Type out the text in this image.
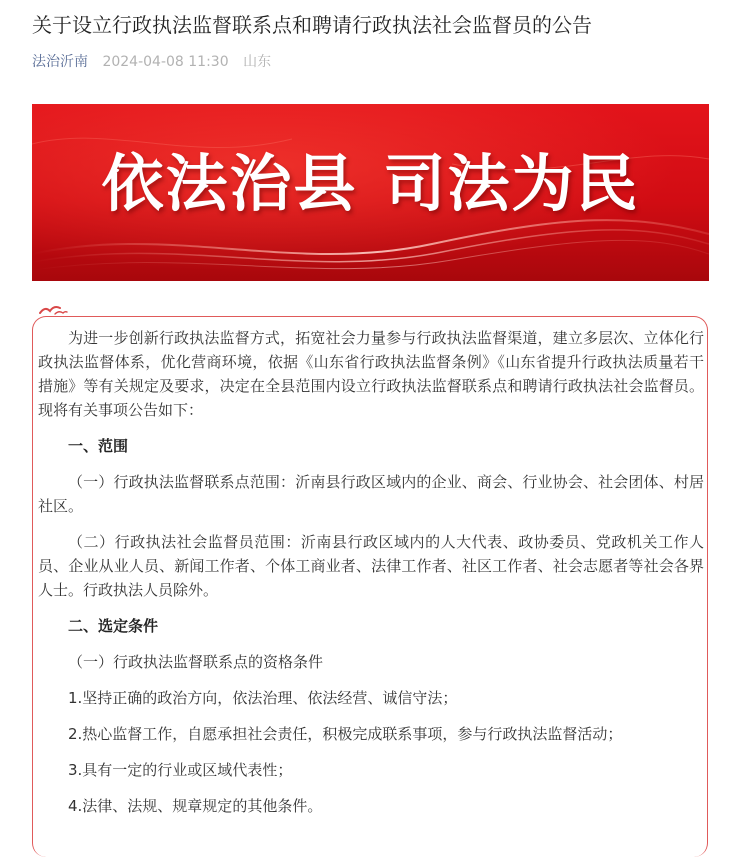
关于设立行政执法监督联系点和聘请行政执法社会监督员的公告
法治沂南 2024-04-08 11:30 山东
依法治县 司法为民

为进一步创新行政执法监督方式，拓宽社会力量参与行政执法监督渠道，建立多层次、立体化行政执法监督体系，优化营商环境，依据《山东省行政执法监督条例》《山东省提升行政执法质量若干措施》等有关规定及要求，决定在全县范围内设立行政执法监督联系点和聘请行政执法社会监督员。现将有关事项公告如下：

一、范围

（一）行政执法监督联系点范围：沂南县行政区域内的企业、商会、行业协会、社会团体、村居社区。

（二）行政执法社会监督员范围：沂南县行政区域内的人大代表、政协委员、党政机关工作人员、企业从业人员、新闻工作者、个体工商业者、法律工作者、社区工作者、社会志愿者等社会各界人士。行政执法人员除外。

二、选定条件

（一）行政执法监督联系点的资格条件

1.坚持正确的政治方向，依法治理、依法经营、诚信守法；

2.热心监督工作，自愿承担社会责任，积极完成联系事项，参与行政执法监督活动；

3.具有一定的行业或区域代表性；

4.法律、法规、规章规定的其他条件。
